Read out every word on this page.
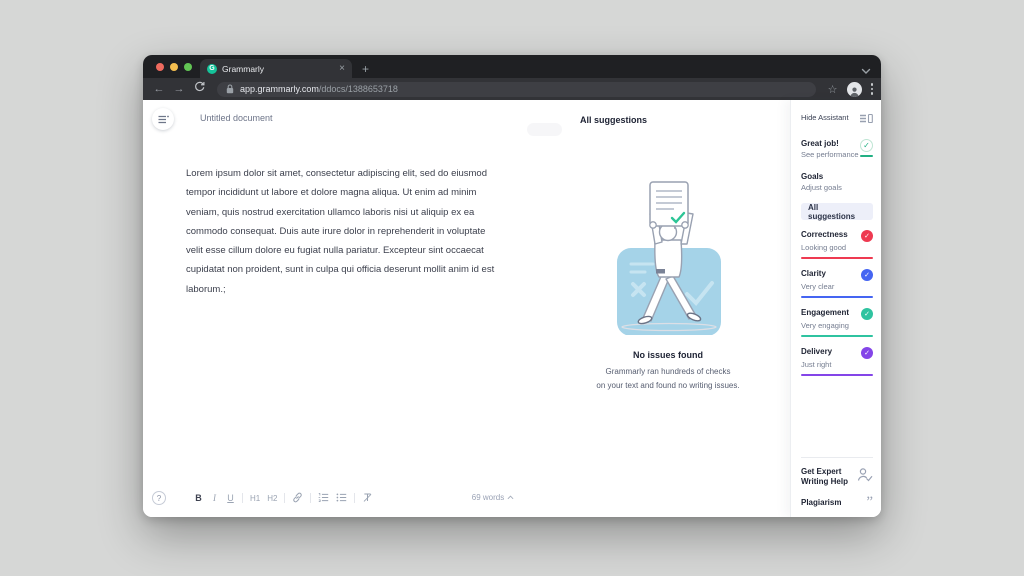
G Grammarly	× +
← →	app.grammarly.com /ddocs/1388653718	☆
Untitled document
Lorem ipsum dolor sit amet, consectetur adipiscing elit, sed do eiusmod
tempor incididunt ut labore et dolore magna aliqua. Ut enim ad minim
veniam, quis nostrud exercitation ullamco laboris nisi ut aliquip ex ea
commodo consequat. Duis aute irure dolor in reprehenderit in voluptate
velit esse cillum dolore eu fugiat nulla pariatur. Excepteur sint occaecat
cupidatat non proident, sunt in culpa qui officia deserunt mollit anim id est
laborum.;
All suggestions
No issues found
Grammarly ran hundreds of checks
on your text and found no writing issues.
?	B	I	U H1 H2	69 words
Hide Assistant
Great job!
See performance
✓
Goals
Adjust goals
All suggestions
Correctness	✓
Looking good
Clarity	✓
Very clear
Engagement	✓
Very engaging
Delivery	✓
Just right
Get Expert
Writing Help
Plagiarism ”
